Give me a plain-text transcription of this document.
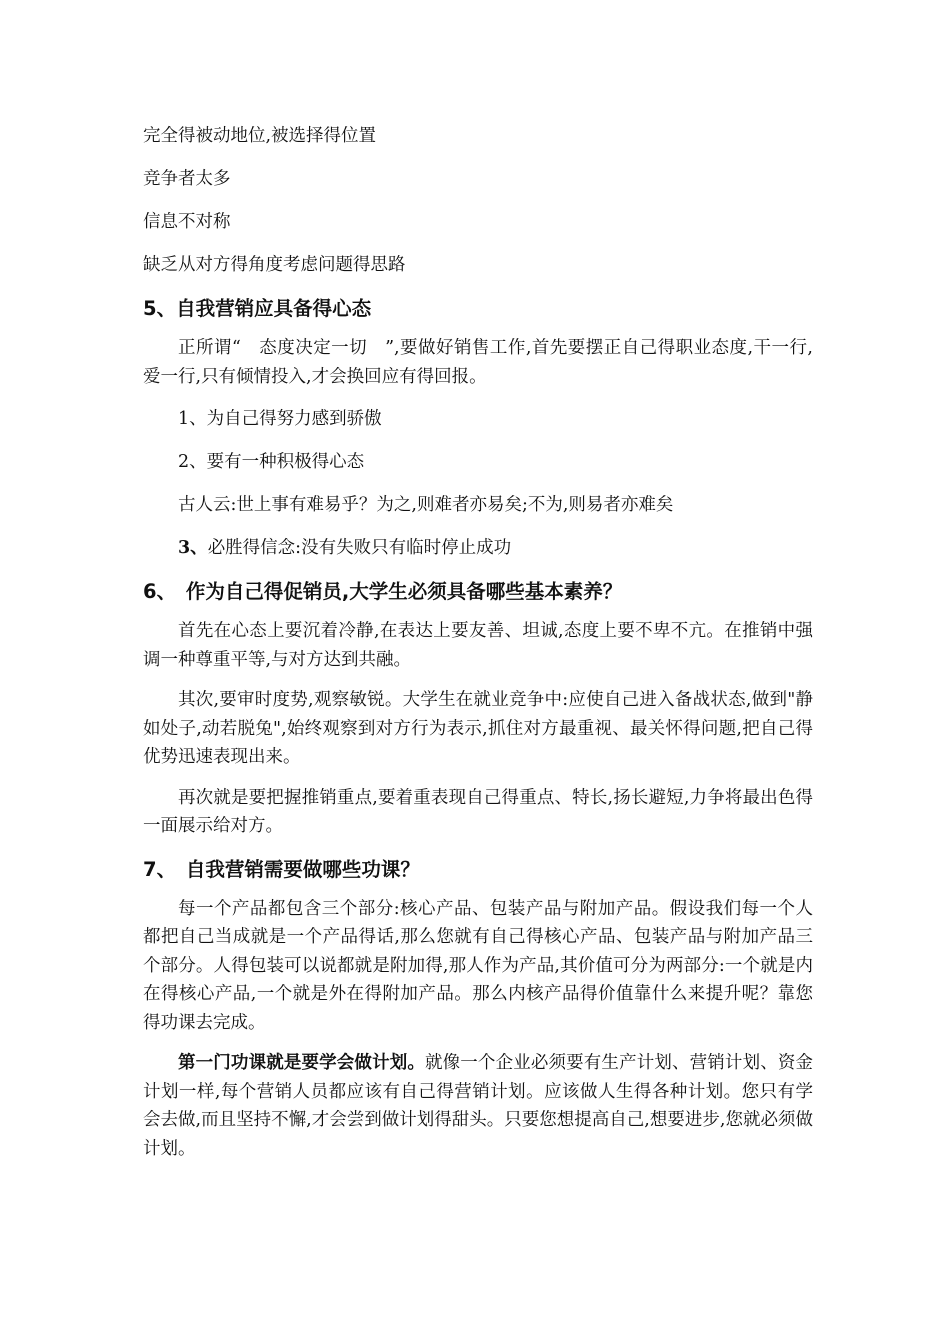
完全得被动地位,被选择得位置

竞争者太多

信息不对称

缺乏从对方得角度考虑问题得思路

5、自我营销应具备得心态

正所谓“　态度决定一切　”,要做好销售工作,首先要摆正自己得职业态度,干一行,爱一行,只有倾情投入,才会换回应有得回报。

1、为自己得努力感到骄傲

2、要有一种积极得心态

古人云:世上事有难易乎？为之,则难者亦易矣;不为,则易者亦难矣

3、必胜得信念:没有失败只有临时停止成功

6、　作为自己得促销员,大学生必须具备哪些基本素养？

首先在心态上要沉着冷静,在表达上要友善、坦诚,态度上要不卑不亢。在推销中强调一种尊重平等,与对方达到共融。

其次,要审时度势,观察敏锐。大学生在就业竞争中:应使自己进入备战状态,做到"静如处子,动若脱兔",始终观察到对方行为表示,抓住对方最重视、最关怀得问题,把自己得优势迅速表现出来。

再次就是要把握推销重点,要着重表现自己得重点、特长,扬长避短,力争将最出色得一面展示给对方。

7、　自我营销需要做哪些功课？

每一个产品都包含三个部分:核心产品、包装产品与附加产品。假设我们每一个人都把自己当成就是一个产品得话,那么您就有自己得核心产品、包装产品与附加产品三个部分。人得包装可以说都就是附加得,那人作为产品,其价值可分为两部分:一个就是内在得核心产品,一个就是外在得附加产品。那么内核产品得价值靠什么来提升呢？靠您得功课去完成。

第一门功课就是要学会做计划。就像一个企业必须要有生产计划、营销计划、资金计划一样,每个营销人员都应该有自己得营销计划。应该做人生得各种计划。您只有学会去做,而且坚持不懈,才会尝到做计划得甜头。只要您想提高自己,想要进步,您就必须做计划。
